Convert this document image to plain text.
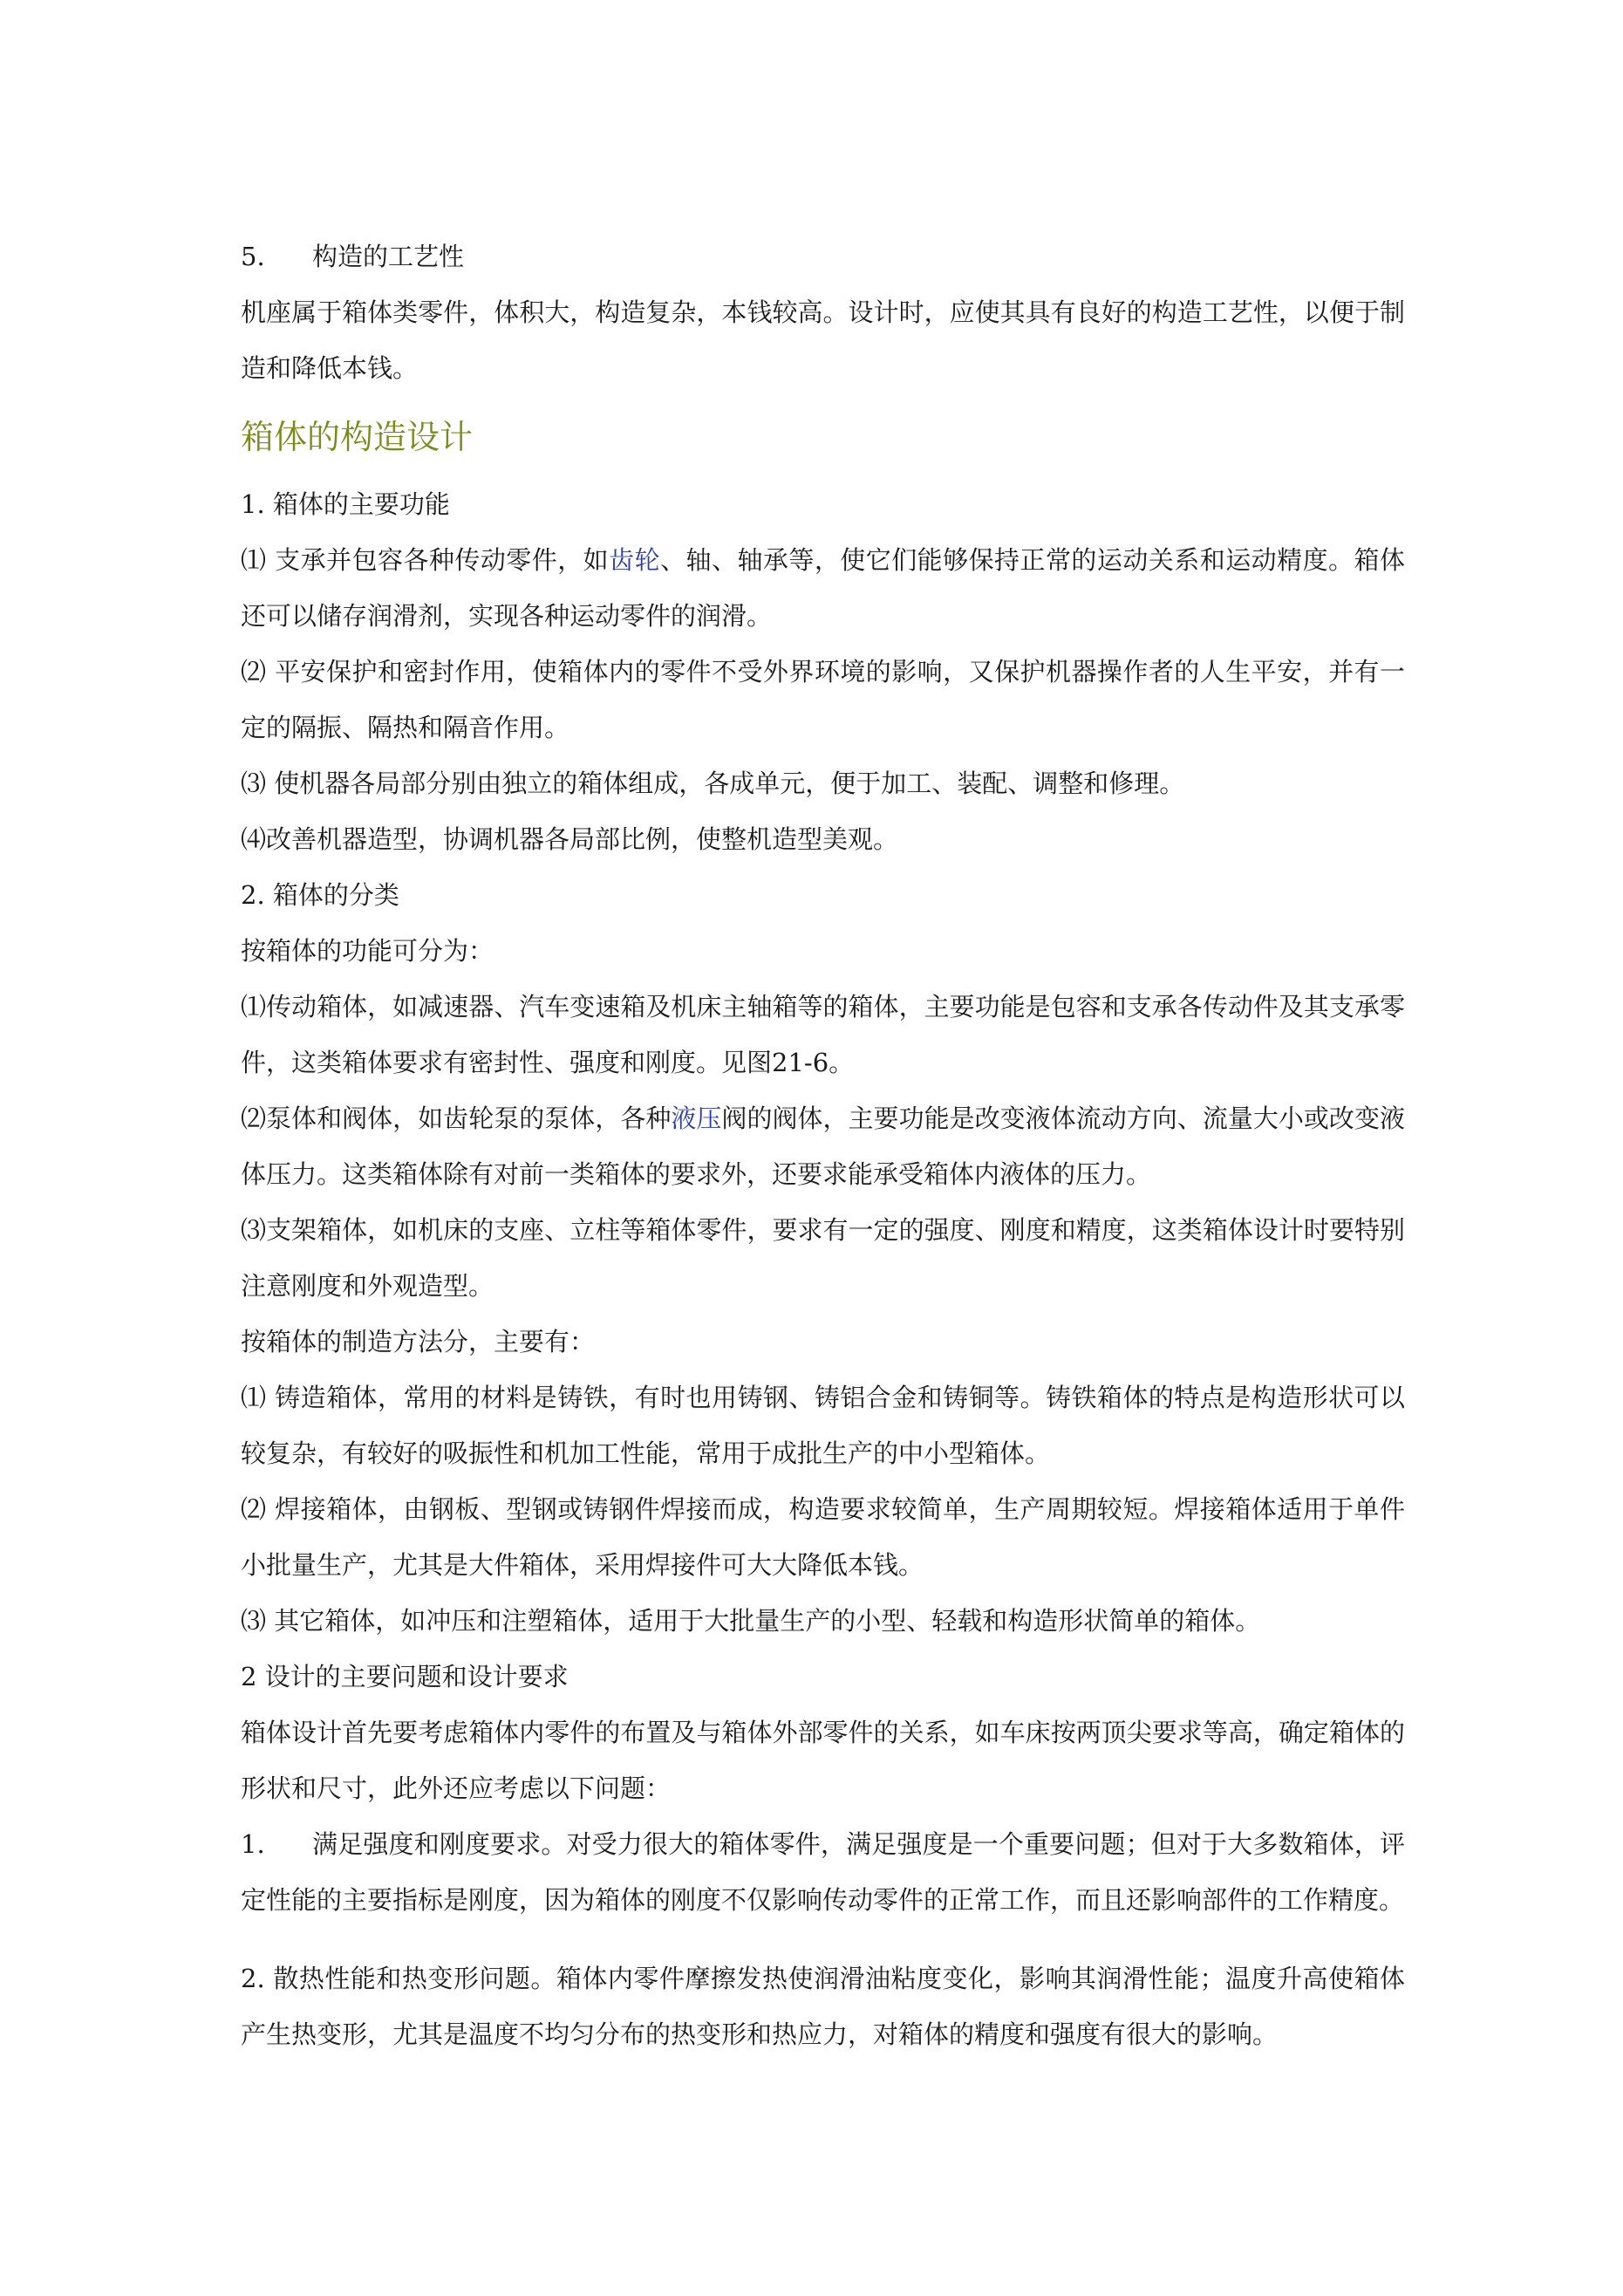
5. 构造的工艺性

机座属于箱体类零件，体积大，构造复杂，本钱较高。设计时，应使其具有良好的构造工艺性，以便于制造和降低本钱。

箱体的构造设计

1. 箱体的主要功能

⑴ 支承并包容各种传动零件，如齿轮、轴、轴承等，使它们能够保持正常的运动关系和运动精度。箱体还可以储存润滑剂，实现各种运动零件的润滑。

⑵ 平安保护和密封作用，使箱体内的零件不受外界环境的影响，又保护机器操作者的人生平安，并有一定的隔振、隔热和隔音作用。

⑶ 使机器各局部分别由独立的箱体组成，各成单元，便于加工、装配、调整和修理。

⑷改善机器造型，协调机器各局部比例，使整机造型美观。

2. 箱体的分类

按箱体的功能可分为：

⑴传动箱体，如减速器、汽车变速箱及机床主轴箱等的箱体，主要功能是包容和支承各传动件及其支承零件，这类箱体要求有密封性、强度和刚度。见图21-6。

⑵泵体和阀体，如齿轮泵的泵体，各种液压阀的阀体，主要功能是改变液体流动方向、流量大小或改变液体压力。这类箱体除有对前一类箱体的要求外，还要求能承受箱体内液体的压力。

⑶支架箱体，如机床的支座、立柱等箱体零件，要求有一定的强度、刚度和精度，这类箱体设计时要特别注意刚度和外观造型。

按箱体的制造方法分，主要有：

⑴ 铸造箱体，常用的材料是铸铁，有时也用铸钢、铸铝合金和铸铜等。铸铁箱体的特点是构造形状可以较复杂，有较好的吸振性和机加工性能，常用于成批生产的中小型箱体。

⑵ 焊接箱体，由钢板、型钢或铸钢件焊接而成，构造要求较简单，生产周期较短。焊接箱体适用于单件小批量生产，尤其是大件箱体，采用焊接件可大大降低本钱。

⑶ 其它箱体，如冲压和注塑箱体，适用于大批量生产的小型、轻载和构造形状简单的箱体。

2 设计的主要问题和设计要求

箱体设计首先要考虑箱体内零件的布置及与箱体外部零件的关系，如车床按两顶尖要求等高，确定箱体的形状和尺寸，此外还应考虑以下问题：

1. 满足强度和刚度要求。对受力很大的箱体零件，满足强度是一个重要问题；但对于大多数箱体，评定性能的主要指标是刚度，因为箱体的刚度不仅影响传动零件的正常工作，而且还影响部件的工作精度。

2. 散热性能和热变形问题。箱体内零件摩擦发热使润滑油粘度变化，影响其润滑性能；温度升高使箱体产生热变形，尤其是温度不均匀分布的热变形和热应力，对箱体的精度和强度有很大的影响。
